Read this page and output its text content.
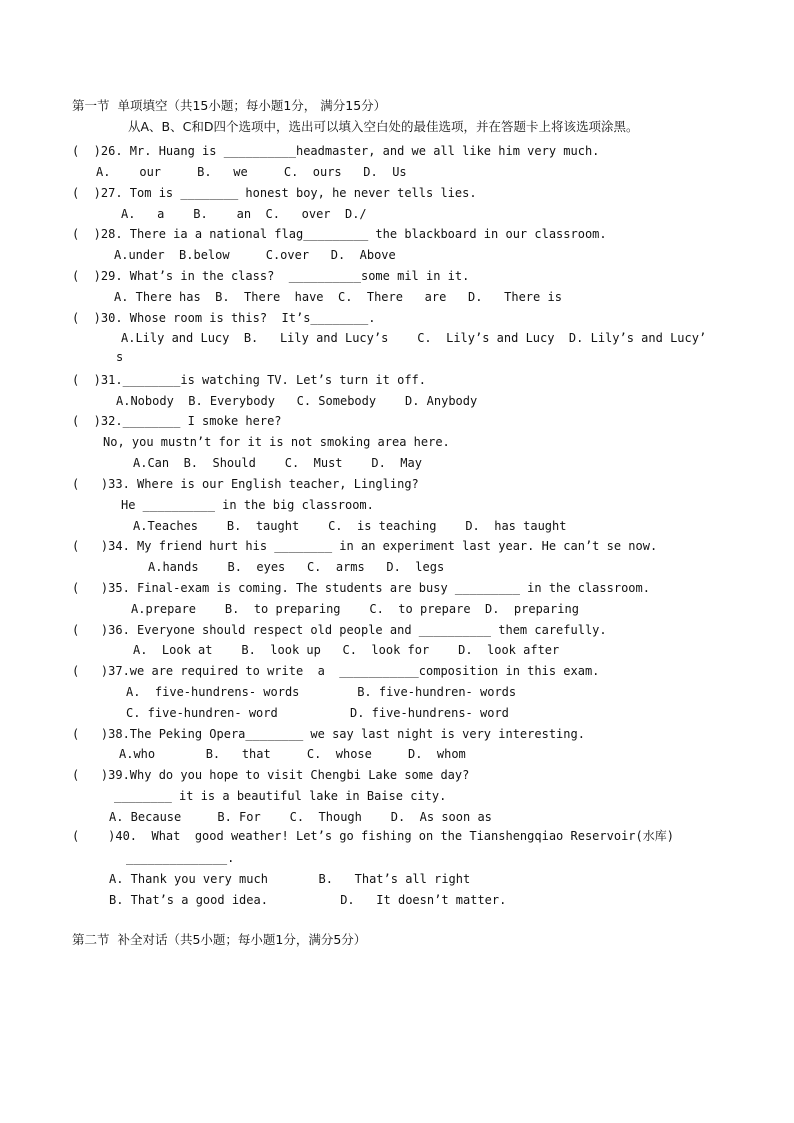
第一节  单项填空（共15小题；每小题1分， 满分15分）
从A、B、C和D四个选项中，选出可以填入空白处的最佳选项，并在答题卡上将该选项涂黑。
(  )26. Mr. Huang is __________headmaster, and we all like him very much.
A.    our     B.   we     C.  ours   D.  Us
(  )27. Tom is ________ honest boy, he never tells lies.
A.   a    B.    an  C.   over  D./
(  )28. There ia a national flag_________ the blackboard in our classroom.
A.under  B.below     C.over   D.  Above
(  )29. What’s in the class?  __________some mil in it.
A. There has  B.  There  have  C.  There   are   D.   There is
(  )30. Whose room is this?  It’s________.
A.Lily and Lucy  B.   Lily and Lucy’s    C.  Lily’s and Lucy  D. Lily’s and Lucy’
s
(  )31.________is watching TV. Let’s turn it off.
A.Nobody  B. Everybody   C. Somebody    D. Anybody
(  )32.________ I smoke here?
No, you mustn’t for it is not smoking area here.
A.Can  B.  Should    C.  Must    D.  May
(   )33. Where is our English teacher, Lingling?
He __________ in the big classroom.
A.Teaches    B.  taught    C.  is teaching    D.  has taught
(   )34. My friend hurt his ________ in an experiment last year. He can’t se now.
A.hands    B.  eyes   C.  arms   D.  legs
(   )35. Final-exam is coming. The students are busy _________ in the classroom.
A.prepare    B.  to preparing    C.  to prepare  D.  preparing
(   )36. Everyone should respect old people and __________ them carefully.
A.  Look at    B.  look up   C.  look for    D.  look after
(   )37.we are required to write  a  ___________composition in this exam.
A.  five-hundrens- words        B. five-hundren- words
C. five-hundren- word          D. five-hundrens- word
(   )38.The Peking Opera________ we say last night is very interesting.
A.who       B.   that     C.  whose     D.  whom
(   )39.Why do you hope to visit Chengbi Lake some day?
________ it is a beautiful lake in Baise city.
A. Because     B. For    C.  Though    D.  As soon as
(    )40.  What  good weather! Let’s go fishing on the Tianshengqiao Reservoir(水库)
______________.
A. Thank you very much       B.   That’s all right
B. That’s a good idea.          D.   It doesn’t matter.
第二节  补全对话（共5小题；每小题1分，满分5分）
